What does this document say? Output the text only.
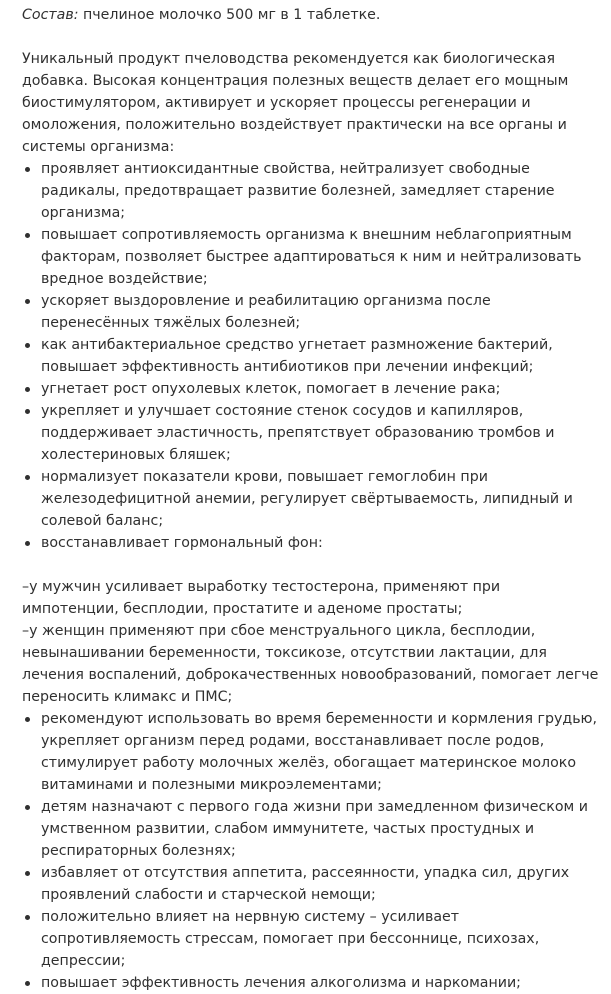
Состав: пчелиное молочко 500 мг в 1 таблетке.

Уникальный продукт пчеловодства рекомендуется как биологическая добавка. Высокая концентрация полезных веществ делает его мощным биостимулятором, активирует и ускоряет процессы регенерации и омоложения, положительно воздействует практически на все органы и системы организма:

проявляет антиоксидантные свойства, нейтрализует свободные радикалы, предотвращает развитие болезней, замедляет старение организма;
повышает сопротивляемость организма к внешним неблагоприятным факторам, позволяет быстрее адаптироваться к ним и нейтрализовать вредное воздействие;
ускоряет выздоровление и реабилитацию организма после перенесённых тяжёлых болезней;
как антибактериальное средство угнетает размножение бактерий, повышает эффективность антибиотиков при лечении инфекций;
угнетает рост опухолевых клеток, помогает в лечение рака;
укрепляет и улучшает состояние стенок сосудов и капилляров, поддерживает эластичность, препятствует образованию тромбов и холестериновых бляшек;
нормализует показатели крови, повышает гемоглобин при железодефицитной анемии, регулирует свёртываемость, липидный и солевой баланс;
восстанавливает гормональный фон:

–у мужчин усиливает выработку тестостерона, применяют при импотенции, бесплодии, простатите и аденоме простаты;

–у женщин применяют при сбое менструального цикла, бесплодии, невынашивании беременности, токсикозе, отсутствии лактации, для лечения воспалений, доброкачественных новообразований, помогает легче переносить климакс и ПМС;

рекомендуют использовать во время беременности и кормления грудью, укрепляет организм перед родами, восстанавливает после родов, стимулирует работу молочных желёз, обогащает материнское молоко витаминами и полезными микроэлементами;
детям назначают с первого года жизни при замедленном физическом и умственном развитии, слабом иммунитете, частых простудных и респираторных болезнях;
избавляет от отсутствия аппетита, рассеянности, упадка сил, других проявлений слабости и старческой немощи;
положительно влияет на нервную систему – усиливает сопротивляемость стрессам, помогает при бессоннице, психозах, депрессии;
повышает эффективность лечения алкоголизма и наркомании;
